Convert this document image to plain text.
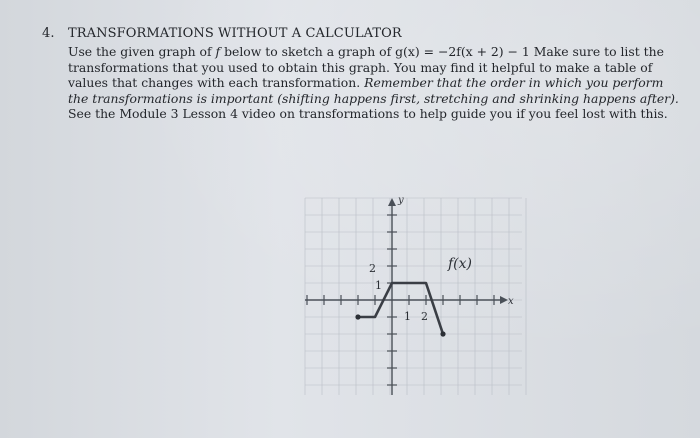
4. TRANSFORMATIONS WITHOUT A CALCULATOR
Use the given graph of f below to sketch a graph of g(x) = −2f(x + 2) − 1 Make sure to list the transformations that you used to obtain this graph. You may find it helpful to make a table of values that changes with each transformation. Remember that the order in which you perform the transformations is important (shifting happens first, stretching and shrinking happens after). See the Module 3 Lesson 4 video on transformations to help guide you if you feel lost with this.
y
x
2
1
1 2
f(x)
